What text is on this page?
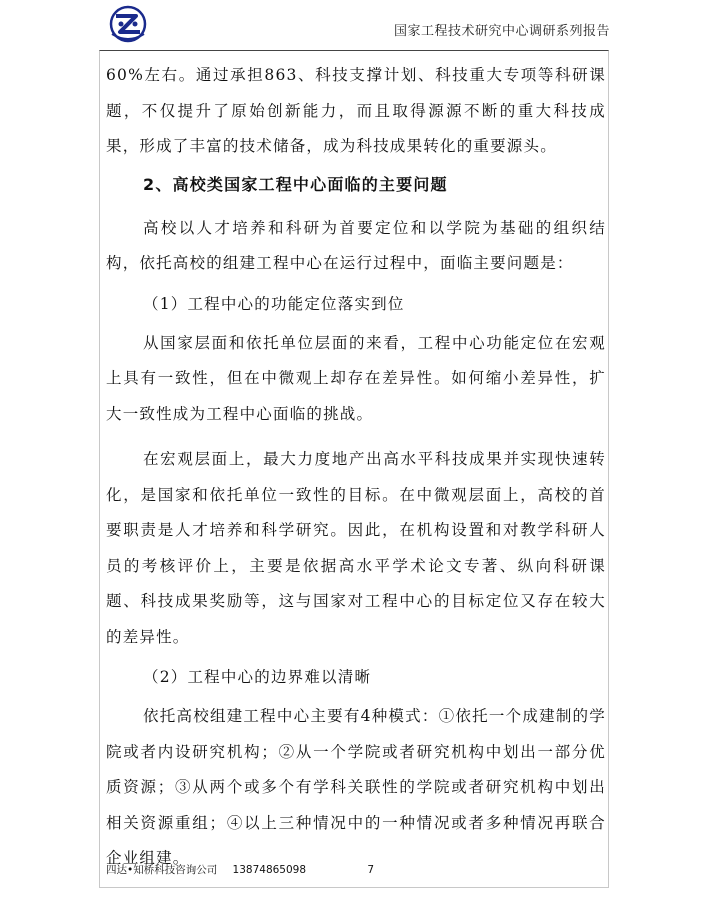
国家工程技术研究中心调研系列报告

60%左右。通过承担863、科技支撑计划、科技重大专项等科研课题，不仅提升了原始创新能力，而且取得源源不断的重大科技成果，形成了丰富的技术储备，成为科技成果转化的重要源头。

2、高校类国家工程中心面临的主要问题

高校以人才培养和科研为首要定位和以学院为基础的组织结构，依托高校的组建工程中心在运行过程中，面临主要问题是：

（1）工程中心的功能定位落实到位

从国家层面和依托单位层面的来看，工程中心功能定位在宏观上具有一致性，但在中微观上却存在差异性。如何缩小差异性，扩大一致性成为工程中心面临的挑战。

在宏观层面上，最大力度地产出高水平科技成果并实现快速转化，是国家和依托单位一致性的目标。在中微观层面上，高校的首要职责是人才培养和科学研究。因此，在机构设置和对教学科研人员的考核评价上，主要是依据高水平学术论文专著、纵向科研课题、科技成果奖励等，这与国家对工程中心的目标定位又存在较大的差异性。

（2）工程中心的边界难以清晰

依托高校组建工程中心主要有4种模式：①依托一个成建制的学院或者内设研究机构；②从一个学院或者研究机构中划出一部分优质资源；③从两个或多个有学科关联性的学院或者研究机构中划出相关资源重组；④以上三种情况中的一种情况或者多种情况再联合企业组建。

四达•知桥科技咨询公司 13874865098	7
